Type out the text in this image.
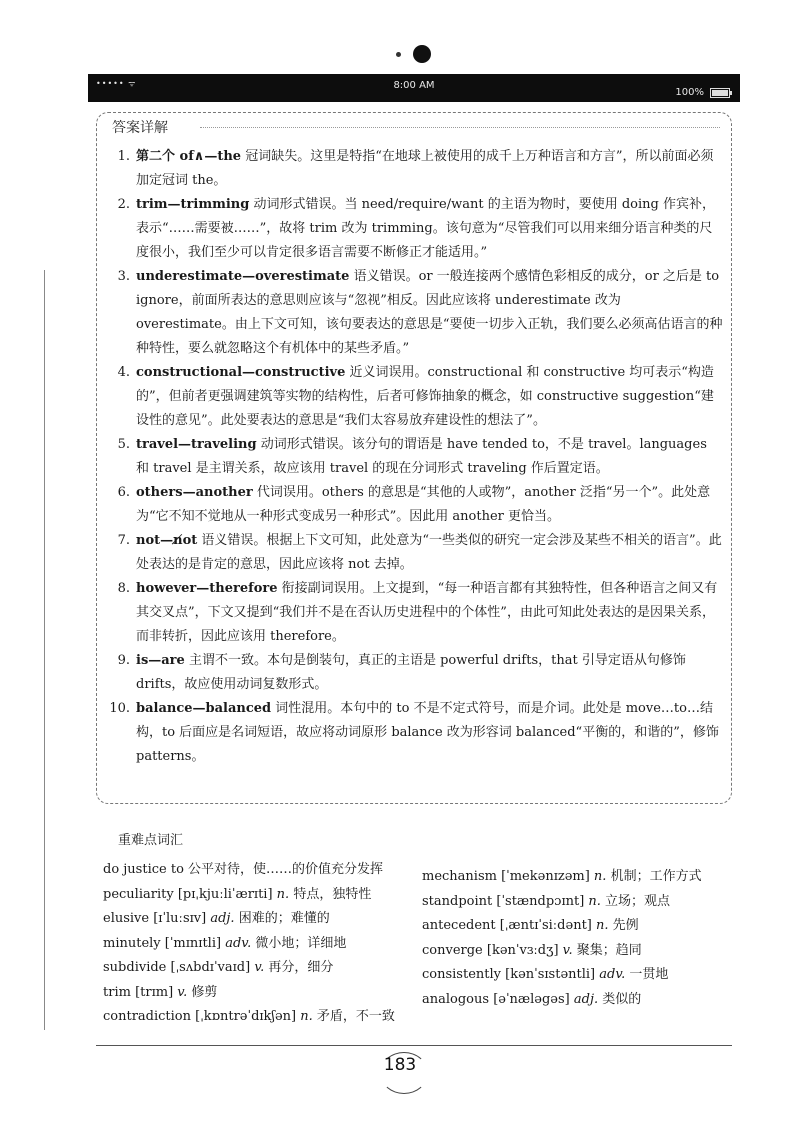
••••• ᯤ	8:00 AM
100%
答案详解
1. 第二个 of∧—the 冠词缺失。这里是特指“在地球上被使用的成千上万种语言和方言”，所以前面必须加定冠词 the。
2. trim—trimming 动词形式错误。当 need/require/want 的主语为物时，要使用 doing 作宾补，表示“……需要被……”，故将 trim 改为 trimming。该句意为“尽管我们可以用来细分语言种类的尺度很小，我们至少可以肯定很多语言需要不断修正才能适用。”
3. underestimate—overestimate 语义错误。or 一般连接两个感情色彩相反的成分，or 之后是 to ignore，前面所表达的意思则应该与“忽视”相反。因此应该将 underestimate 改为 overestimate。由上下文可知，该句要表达的意思是“要使一切步入正轨，我们要么必须高估语言的种种特性，要么就忽略这个有机体中的某些矛盾。”
4. constructional—constructive 近义词误用。constructional 和 constructive 均可表示“构造的”，但前者更强调建筑等实物的结构性，后者可修饰抽象的概念，如 constructive suggestion“建设性的意见”。此处要表达的意思是“我们太容易放弃建设性的想法了”。
5. travel—traveling 动词形式错误。该分句的谓语是 have tended to，不是 travel。languages 和 travel 是主谓关系，故应该用 travel 的现在分词形式 traveling 作后置定语。
6. others—another 代词误用。others 的意思是“其他的人或物”，another 泛指“另一个”。此处意为“它不知不觉地从一种形式变成另一种形式”。因此用 another 更恰当。
7. not—n̸ot 语义错误。根据上下文可知，此处意为“一些类似的研究一定会涉及某些不相关的语言”。此处表达的是肯定的意思，因此应该将 not 去掉。
8. however—therefore 衔接副词误用。上文提到，“每一种语言都有其独特性，但各种语言之间又有其交叉点”，下文又提到“我们并不是在否认历史进程中的个体性”，由此可知此处表达的是因果关系，而非转折，因此应该用 therefore。
9. is—are 主谓不一致。本句是倒装句，真正的主语是 powerful drifts，that 引导定语从句修饰 drifts，故应使用动词复数形式。
10. balance—balanced 词性混用。本句中的 to 不是不定式符号，而是介词。此处是 move…to…结构，to 后面应是名词短语，故应将动词原形 balance 改为形容词 balanced“平衡的，和谐的”，修饰 patterns。
重难点词汇
do justice to 公平对待，使……的价值充分发挥
peculiarity [pɪˌkjuːliˈærɪti] n. 特点，独特性
elusive [ɪˈluːsɪv] adj. 困难的；难懂的
minutely [ˈmɪnɪtli] adv. 微小地；详细地
subdivide [ˌsʌbdɪˈvaɪd] v. 再分，细分
trim [trɪm] v. 修剪
contradiction [ˌkɒntrəˈdɪkʃən] n. 矛盾，不一致
mechanism [ˈmekənɪzəm] n. 机制；工作方式
standpoint [ˈstændpɔɪnt] n. 立场；观点
antecedent [ˌæntɪˈsiːdənt] n. 先例
converge [kənˈvɜːdʒ] v. 聚集；趋同
consistently [kənˈsɪstəntli] adv. 一贯地
analogous [əˈnæləgəs] adj. 类似的
183
